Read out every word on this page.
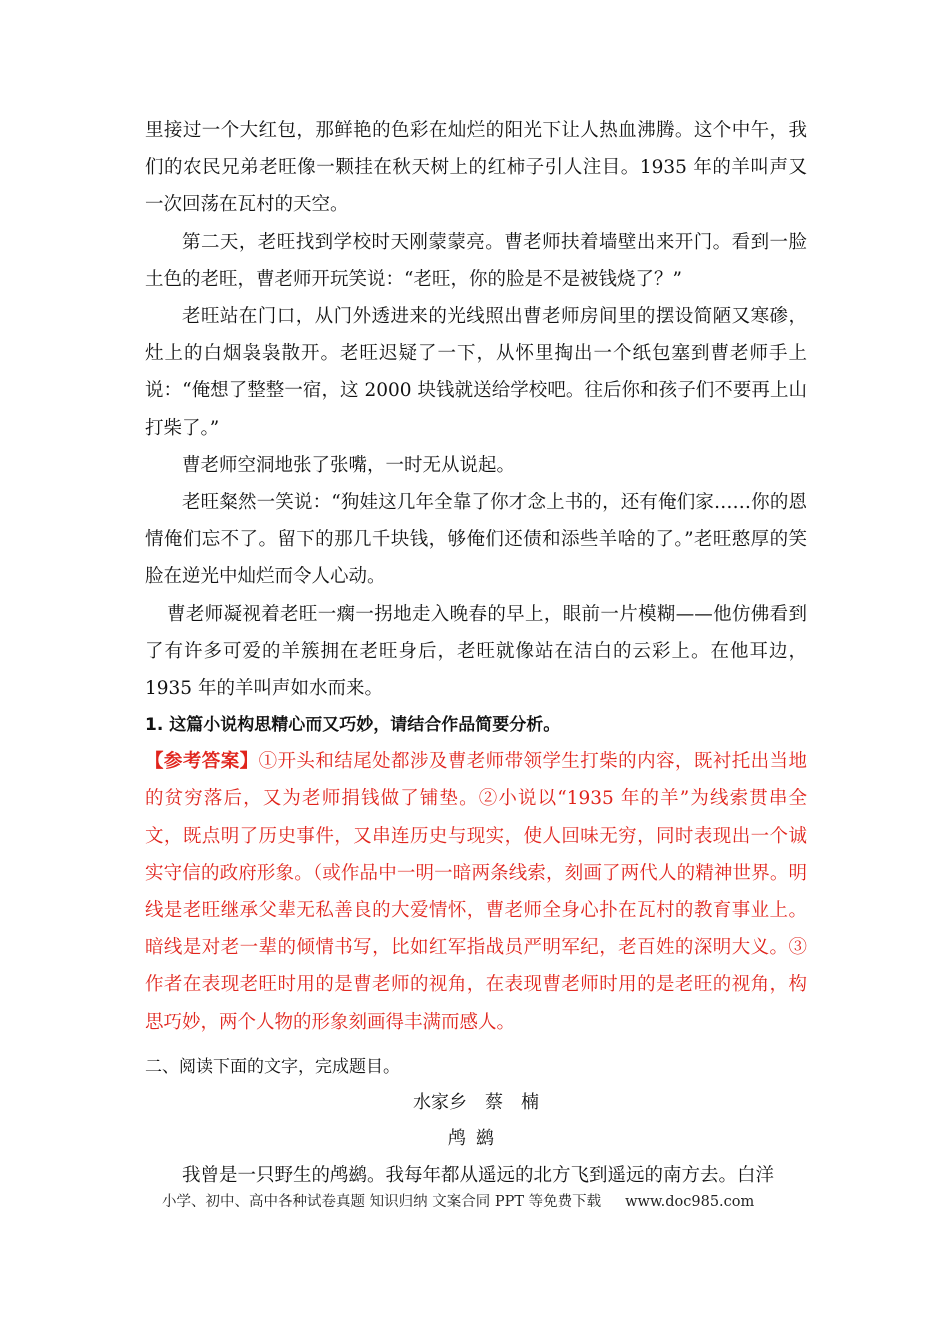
里接过一个大红包，那鲜艳的色彩在灿烂的阳光下让人热血沸腾。这个中午，我们的农民兄弟老旺像一颗挂在秋天树上的红柿子引人注目。1935 年的羊叫声又一次回荡在瓦村的天空。

第二天，老旺找到学校时天刚蒙蒙亮。曹老师扶着墙壁出来开门。看到一脸土色的老旺，曹老师开玩笑说：“老旺，你的脸是不是被钱烧了？”

老旺站在门口，从门外透进来的光线照出曹老师房间里的摆设简陋又寒碜，灶上的白烟袅袅散开。老旺迟疑了一下，从怀里掏出一个纸包塞到曹老师手上说：“俺想了整整一宿，这 2000 块钱就送给学校吧。往后你和孩子们不要再上山打柴了。”

曹老师空洞地张了张嘴，一时无从说起。

老旺粲然一笑说：“狗娃这几年全靠了你才念上书的，还有俺们家……你的恩情俺们忘不了。留下的那几千块钱，够俺们还债和添些羊啥的了。”老旺憨厚的笑脸在逆光中灿烂而令人心动。

曹老师凝视着老旺一瘸一拐地走入晚春的早上，眼前一片模糊——他仿佛看到了有许多可爱的羊簇拥在老旺身后，老旺就像站在洁白的云彩上。在他耳边，1935 年的羊叫声如水而来。

1. 这篇小说构思精心而又巧妙，请结合作品简要分析。

【参考答案】①开头和结尾处都涉及曹老师带领学生打柴的内容，既衬托出当地的贫穷落后，又为老师捐钱做了铺垫。②小说以“1935 年的羊”为线索贯串全文，既点明了历史事件，又串连历史与现实，使人回味无穷，同时表现出一个诚实守信的政府形象。（或作品中一明一暗两条线索，刻画了两代人的精神世界。明线是老旺继承父辈无私善良的大爱情怀，曹老师全身心扑在瓦村的教育事业上。暗线是对老一辈的倾情书写，比如红军指战员严明军纪，老百姓的深明大义。③作者在表现老旺时用的是曹老师的视角，在表现曹老师时用的是老旺的视角，构思巧妙，两个人物的形象刻画得丰满而感人。

二、阅读下面的文字，完成题目。

水家乡　蔡　楠

鸬鹚

我曾是一只野生的鸬鹚。我每年都从遥远的北方飞到遥远的南方去。白洋

小学、初中、高中各种试卷真题 知识归纳 文案合同 PPT 等免费下载 www.doc985.com
